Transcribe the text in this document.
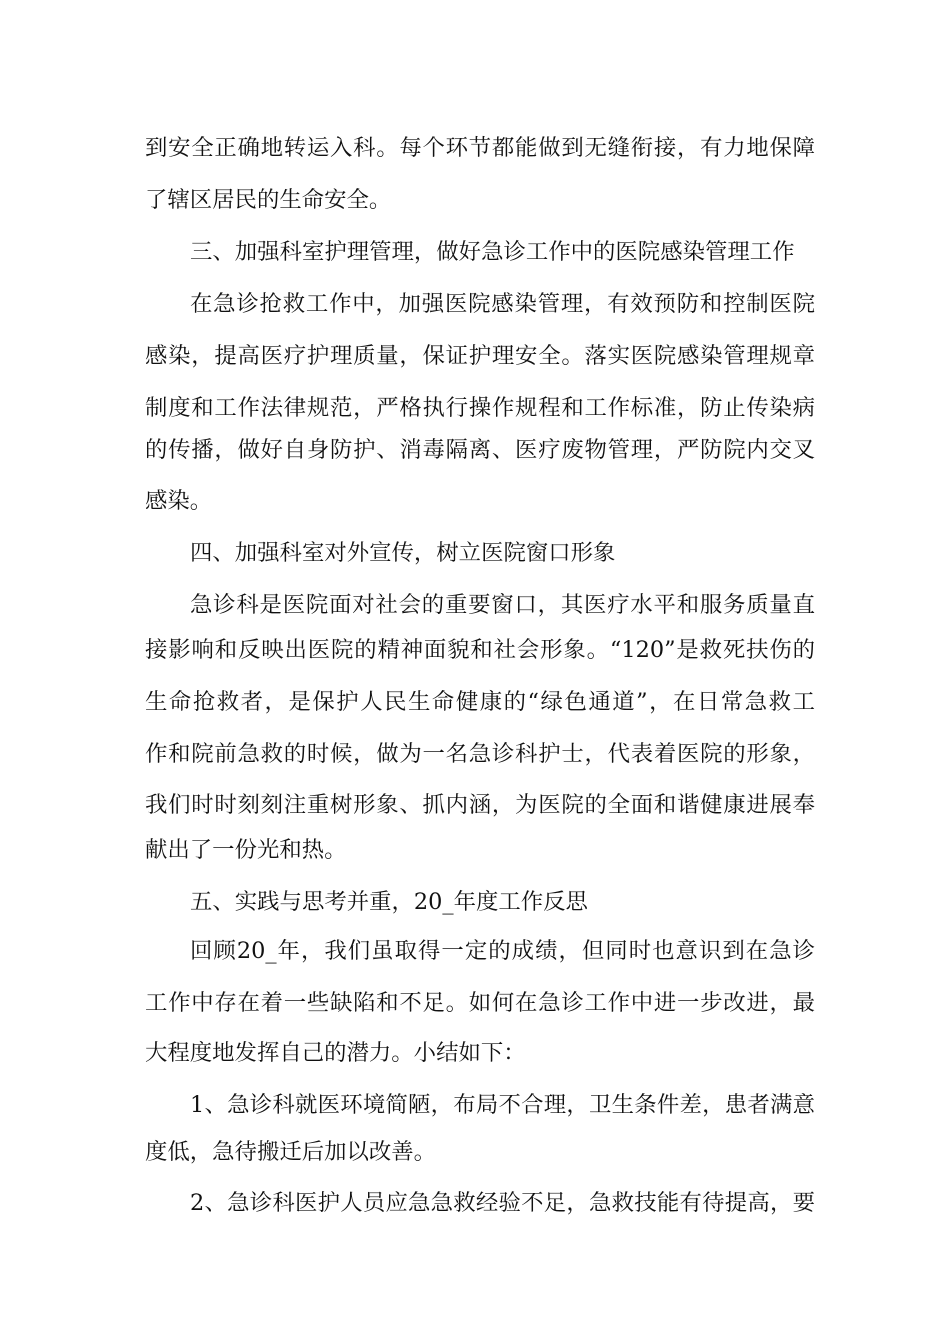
到安全正确地转运入科。每个环节都能做到无缝衔接，有力地保障
了辖区居民的生命安全。
三、加强科室护理管理，做好急诊工作中的医院感染管理工作
在急诊抢救工作中，加强医院感染管理，有效预防和控制医院
感染，提高医疗护理质量，保证护理安全。落实医院感染管理规章
制度和工作法律规范，严格执行操作规程和工作标准，防止传染病
的传播，做好自身防护、消毒隔离、医疗废物管理，严防院内交叉
感染。
四、加强科室对外宣传，树立医院窗口形象
急诊科是医院面对社会的重要窗口，其医疗水平和服务质量直
接影响和反映出医院的精神面貌和社会形象。“120”是救死扶伤的
生命抢救者，是保护人民生命健康的“绿色通道”，在日常急救工
作和院前急救的时候，做为一名急诊科护士，代表着医院的形象，
我们时时刻刻注重树形象、抓内涵，为医院的全面和谐健康进展奉
献出了一份光和热。
五、实践与思考并重，20_年度工作反思
回顾20_年，我们虽取得一定的成绩，但同时也意识到在急诊
工作中存在着一些缺陷和不足。如何在急诊工作中进一步改进，最
大程度地发挥自己的潜力。小结如下：
1、急诊科就医环境简陋，布局不合理，卫生条件差，患者满意
度低，急待搬迁后加以改善。
2、急诊科医护人员应急急救经验不足，急救技能有待提高，要
